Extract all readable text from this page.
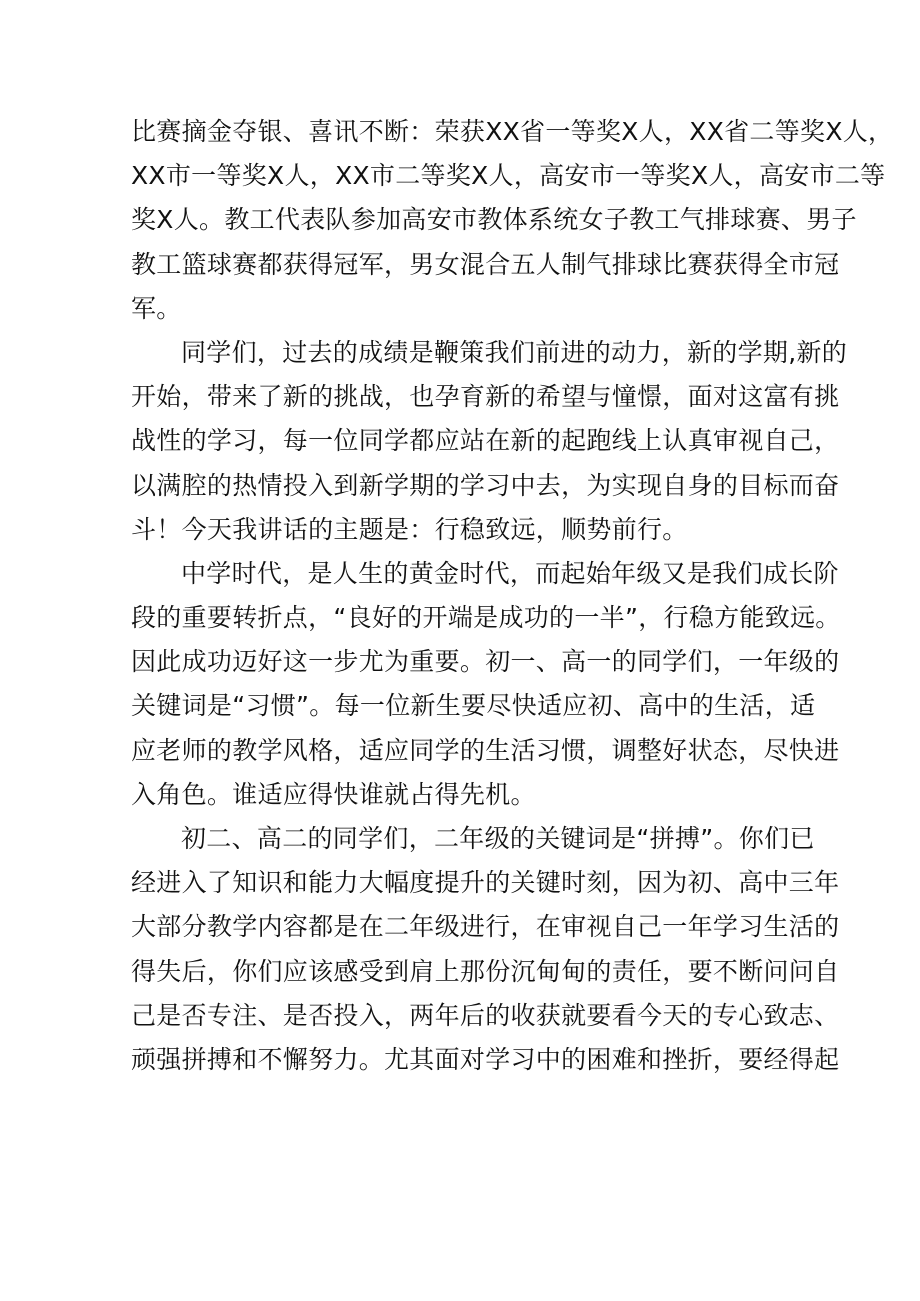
比赛摘金夺银、喜讯不断：荣获XX省一等奖X人，XX省二等奖X人，
XX市一等奖X人，XX市二等奖X人，高安市一等奖X人，高安市二等
奖X人。教工代表队参加高安市教体系统女子教工气排球赛、男子
教工篮球赛都获得冠军，男女混合五人制气排球比赛获得全市冠
军。
同学们，过去的成绩是鞭策我们前进的动力，新的学期,新的
开始，带来了新的挑战，也孕育新的希望与憧憬，面对这富有挑
战性的学习，每一位同学都应站在新的起跑线上认真审视自己，
以满腔的热情投入到新学期的学习中去，为实现自身的目标而奋
斗！今天我讲话的主题是：行稳致远，顺势前行。
中学时代，是人生的黄金时代，而起始年级又是我们成长阶
段的重要转折点，“良好的开端是成功的一半”，行稳方能致远。
因此成功迈好这一步尤为重要。初一、高一的同学们，一年级的
关键词是“习惯”。每一位新生要尽快适应初、高中的生活，适
应老师的教学风格，适应同学的生活习惯，调整好状态，尽快进
入角色。谁适应得快谁就占得先机。
初二、高二的同学们，二年级的关键词是“拼搏”。你们已
经进入了知识和能力大幅度提升的关键时刻，因为初、高中三年
大部分教学内容都是在二年级进行，在审视自己一年学习生活的
得失后，你们应该感受到肩上那份沉甸甸的责任，要不断问问自
己是否专注、是否投入，两年后的收获就要看今天的专心致志、
顽强拼搏和不懈努力。尤其面对学习中的困难和挫折，要经得起
